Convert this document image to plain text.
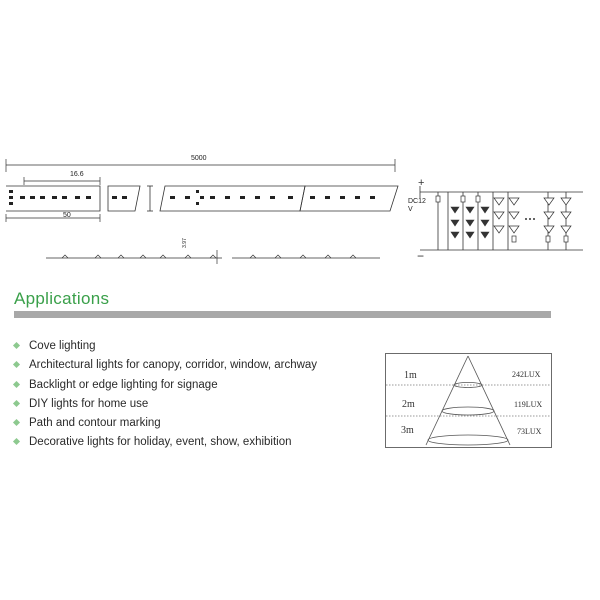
5000
16.6
50
3.97
+
−
DC12
V
Applications
Cove lighting
Architectural lights for canopy, corridor, window, archway
Backlight or edge lighting for signage
DIY lights for home use
Path and contour marking
Decorative lights for holiday, event, show, exhibition
1m	242LUX
2m	119LUX
3m	73LUX
